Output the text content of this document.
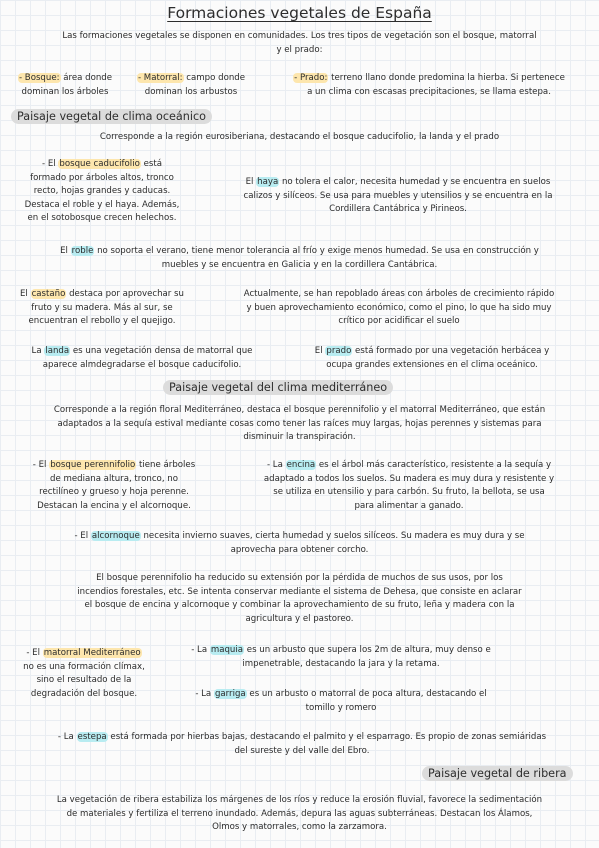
Formaciones vegetales de España
Las formaciones vegetales se disponen en comunidades. Los tres tipos de vegetación son el bosque, matorral
y el prado:
- Bosque: área donde
dominan los árboles
- Matorral: campo donde
dominan los arbustos
- Prado: terreno llano donde predomina la hierba. Si pertenece
a un clima con escasas precipitaciones, se llama estepa.
Paisaje vegetal de clima oceánico
Corresponde a la región eurosiberiana, destacando el bosque caducifolio, la landa y el prado
- El bosque caducifolio está
formado por árboles altos, tronco
recto, hojas grandes y caducas.
Destaca el roble y el haya. Además,
en el sotobosque crecen helechos.
El haya no tolera el calor, necesita humedad y se encuentra en suelos
calizos y silíceos. Se usa para muebles y utensilios y se encuentra en la
Cordillera Cantábrica y Pirineos.
El roble no soporta el verano, tiene menor tolerancia al frío y exige menos humedad. Se usa en construcción y
muebles y se encuentra en Galicia y en la cordillera Cantábrica.
El castaño destaca por aprovechar su
fruto y su madera. Más al sur, se
encuentran el rebollo y el quejigo.
Actualmente, se han repoblado áreas con árboles de crecimiento rápido
y buen aprovechamiento económico, como el pino, lo que ha sido muy
crítico por acidificar el suelo
La landa es una vegetación densa de matorral que
aparece almdegradarse el bosque caducifolio.
El prado está formado por una vegetación herbácea y
ocupa grandes extensiones en el clima oceánico.
Paisaje vegetal del clima mediterráneo
Corresponde a la región floral Mediterráneo, destaca el bosque perennifolio y el matorral Mediterráneo, que están
adaptados a la sequía estival mediante cosas como tener las raíces muy largas, hojas perennes y sistemas para
disminuir la transpiración.
- El bosque perennifolio tiene árboles
de mediana altura, tronco, no
rectilíneo y grueso y hoja perenne.
Destacan la encina y el alcornoque.
- La encina es el árbol más característico, resistente a la sequía y
adaptado a todos los suelos. Su madera es muy dura y resistente y
se utiliza en utensilio y para carbón. Su fruto, la bellota, se usa
para alimentar a ganado.
- El alcornoque necesita invierno suaves, cierta humedad y suelos silíceos. Su madera es muy dura y se
aprovecha para obtener corcho.
El bosque perennifolio ha reducido su extensión por la pérdida de muchos de sus usos, por los
incendios forestales, etc. Se intenta conservar mediante el sistema de Dehesa, que consiste en aclarar
el bosque de encina y alcornoque y combinar la aprovechamiento de su fruto, leña y madera con la
agricultura y el pastoreo.
- El matorral Mediterráneo
no es una formación clímax,
sino el resultado de la
degradación del bosque.
- La maquia es un arbusto que supera los 2m de altura, muy denso e
impenetrable, destacando la jara y la retama.
- La garriga es un arbusto o matorral de poca altura, destacando el
tomillo y romero
- La estepa está formada por hierbas bajas, destacando el palmito y el esparrago. Es propio de zonas semiáridas
del sureste y del valle del Ebro.
Paisaje vegetal de ribera
La vegetación de ribera estabiliza los márgenes de los ríos y reduce la erosión fluvial, favorece la sedimentación
de materiales y fertiliza el terreno inundado. Además, depura las aguas subterráneas. Destacan los Álamos,
Olmos y matorrales, como la zarzamora.
